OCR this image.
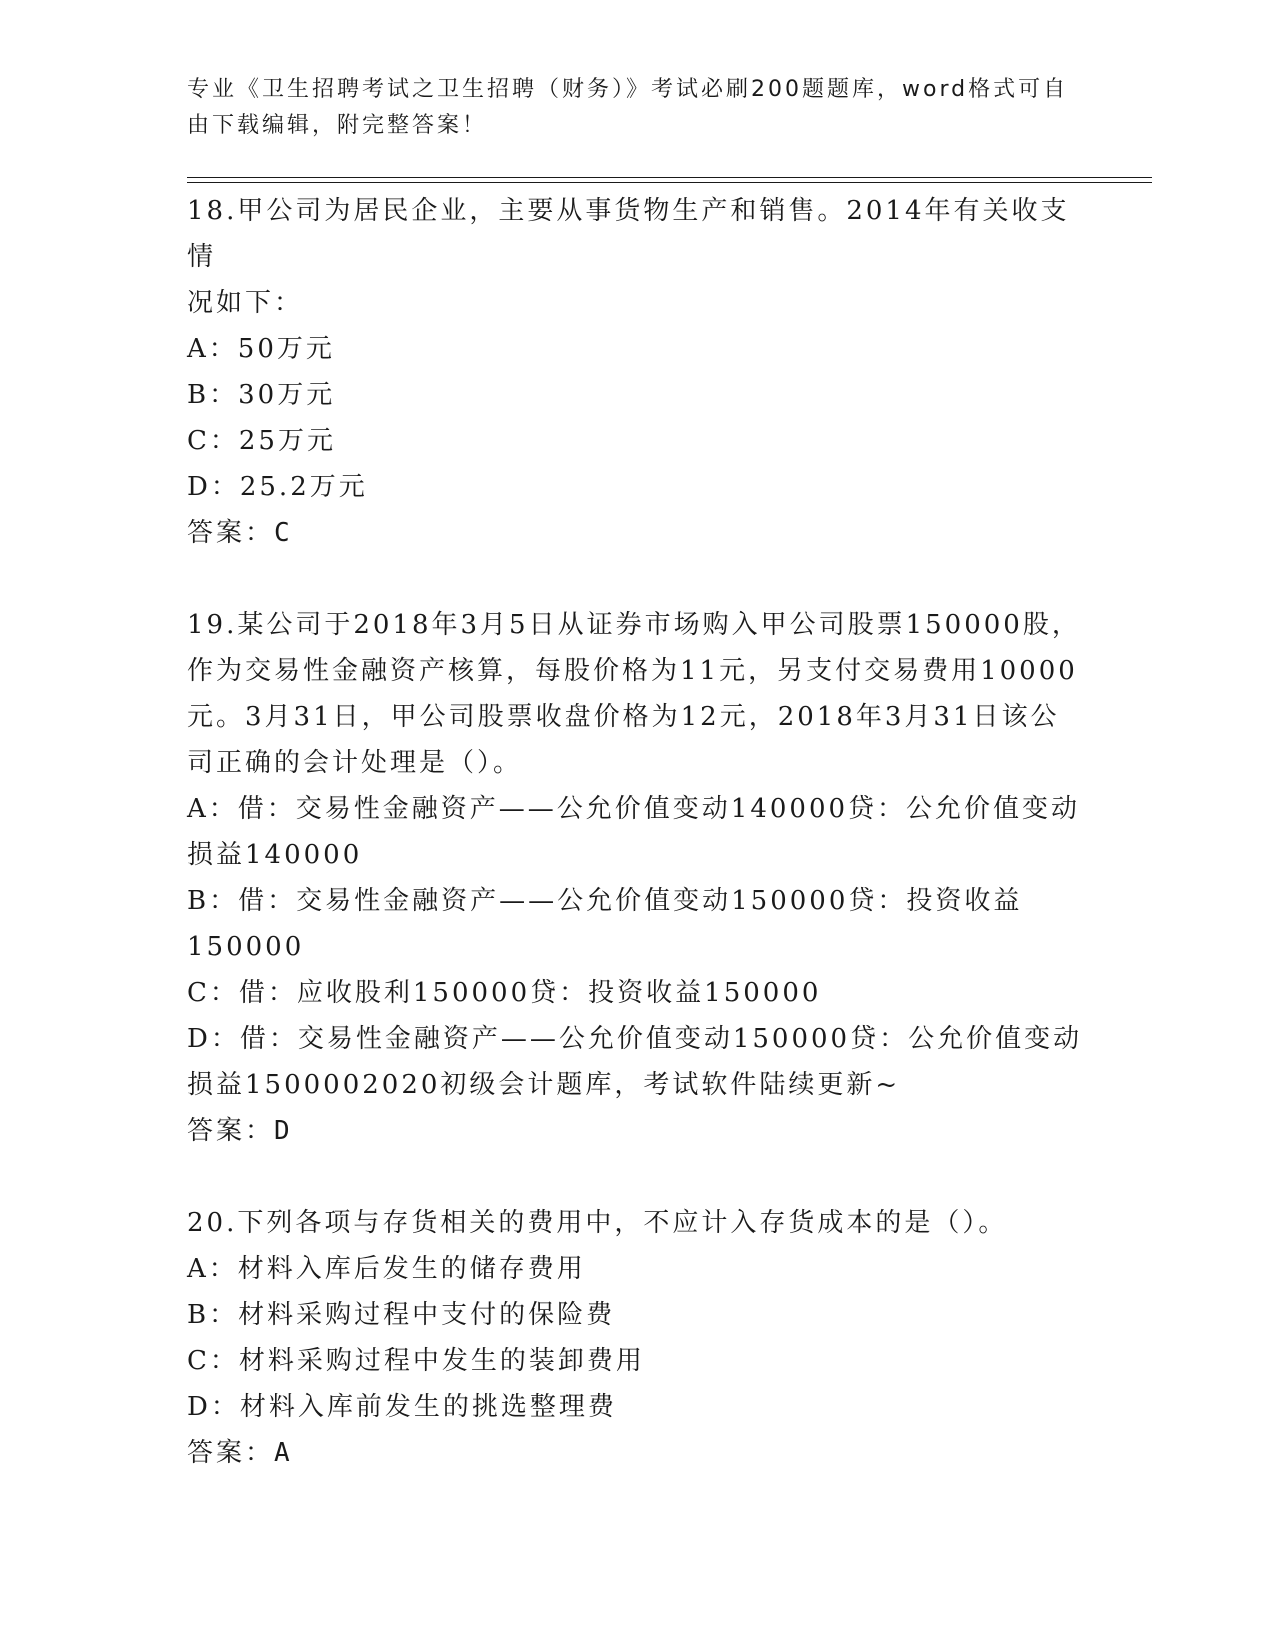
专业《卫生招聘考试之卫生招聘（财务）》考试必刷200题题库，word格式可自
由下载编辑，附完整答案！
18.甲公司为居民企业，主要从事货物生产和销售。2014年有关收支情
况如下：
A：50万元
B：30万元
C：25万元
D：25.2万元
答案：C
19.某公司于2018年3月5日从证券市场购入甲公司股票150000股，
作为交易性金融资产核算，每股价格为11元，另支付交易费用10000
元。3月31日，甲公司股票收盘价格为12元，2018年3月31日该公
司正确的会计处理是（）。
A：借：交易性金融资产——公允价值变动140000贷：公允价值变动
损益140000
B：借：交易性金融资产——公允价值变动150000贷：投资收益
150000
C：借：应收股利150000贷：投资收益150000
D：借：交易性金融资产——公允价值变动150000贷：公允价值变动
损益1500002020初级会计题库，考试软件陆续更新~
答案：D
20.下列各项与存货相关的费用中，不应计入存货成本的是（）。
A：材料入库后发生的储存费用
B：材料采购过程中支付的保险费
C：材料采购过程中发生的装卸费用
D：材料入库前发生的挑选整理费
答案：A
